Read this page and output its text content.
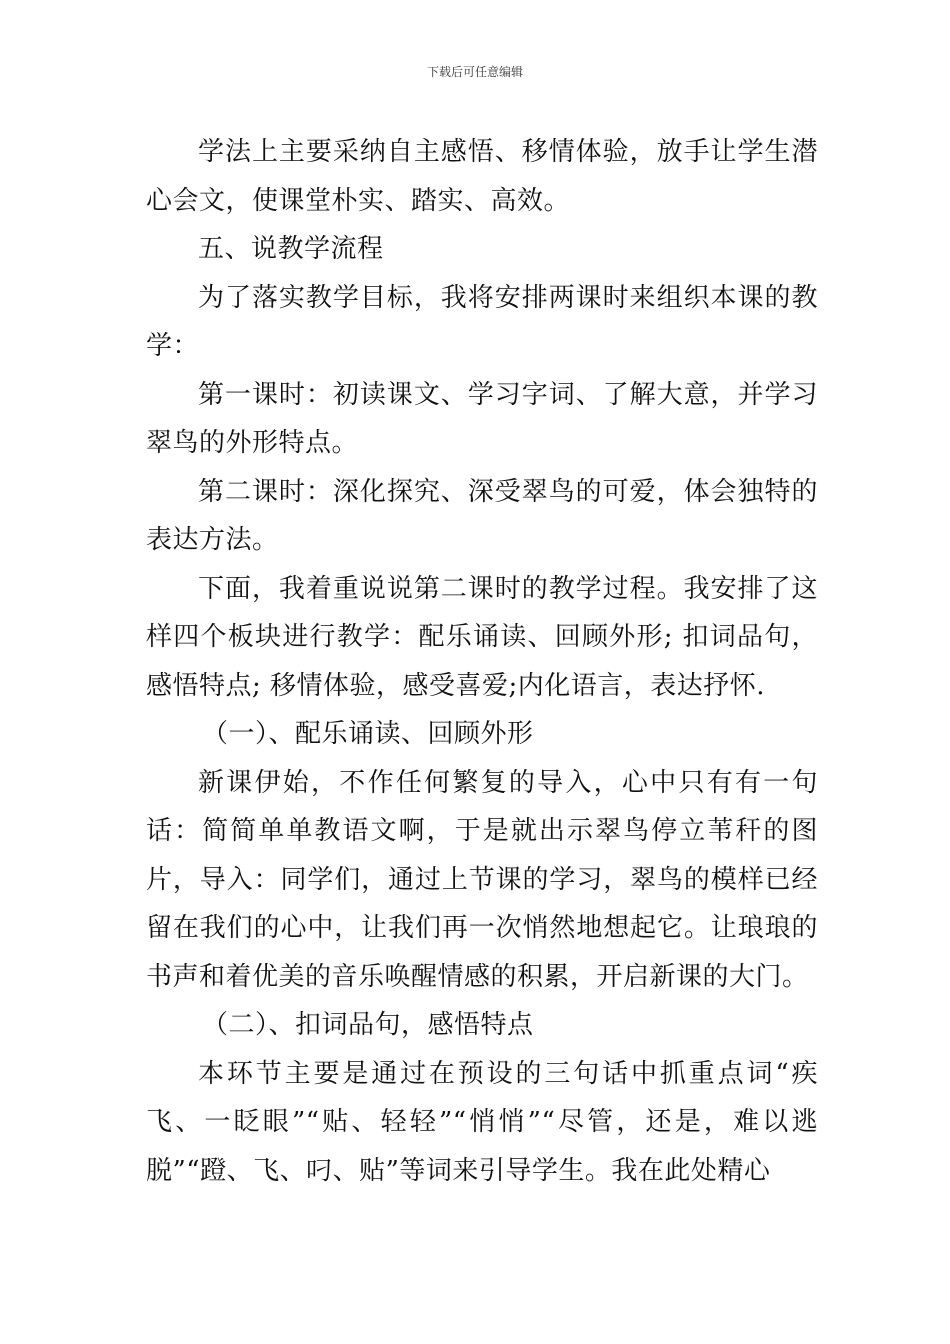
下载后可任意编辑

学法上主要采纳自主感悟、移情体验，放手让学生潜心会文，使课堂朴实、踏实、高效。

五、说教学流程

为了落实教学目标，我将安排两课时来组织本课的教学：

第一课时：初读课文、学习字词、了解大意，并学习翠鸟的外形特点。

第二课时：深化探究、深受翠鸟的可爱，体会独特的表达方法。

下面，我着重说说第二课时的教学过程。我安排了这样四个板块进行教学：配乐诵读、回顾外形; 扣词品句，感悟特点; 移情体验，感受喜爱;内化语言，表达抒怀.

（一）、配乐诵读、回顾外形

新课伊始，不作任何繁复的导入，心中只有有一句话：简简单单教语文啊，于是就出示翠鸟停立苇秆的图片，导入：同学们，通过上节课的学习，翠鸟的模样已经留在我们的心中，让我们再一次悄然地想起它。让琅琅的书声和着优美的音乐唤醒情感的积累，开启新课的大门。

（二）、扣词品句，感悟特点

本环节主要是通过在预设的三句话中抓重点词“疾飞、一眨眼”“贴、轻轻”“悄悄”“尽管，还是，难以逃脱”“蹬、飞、叼、贴”等词来引导学生。我在此处精心
